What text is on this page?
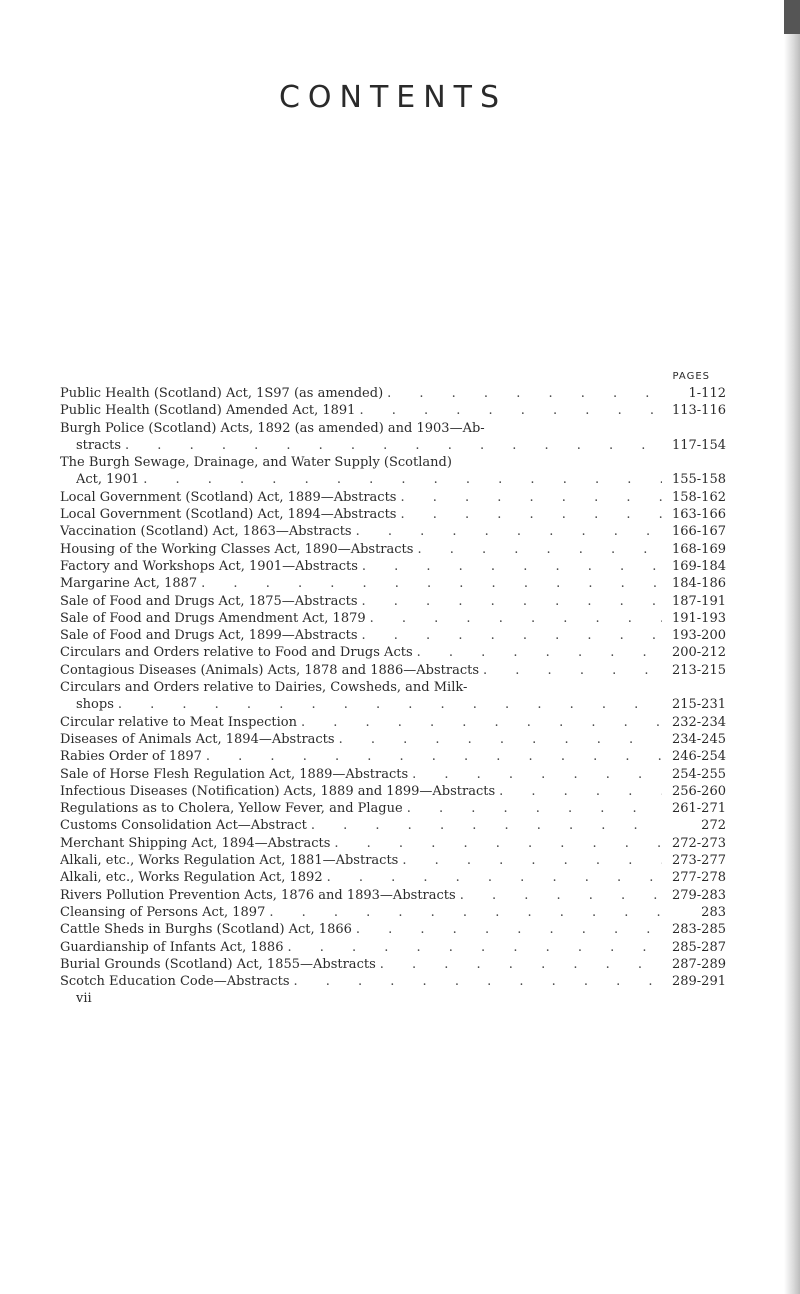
CONTENTS
PAGES
Public Health (Scotland) Act, 1S97 (as amended) . . .	1-112
Public Health (Scotland) Amended Act, 1891 . . .	113-116
Burgh Police (Scotland) Acts, 1892 (as amended) and 1903—Ab-
stracts . . .	117-154
The Burgh Sewage, Drainage, and Water Supply (Scotland)
Act, 1901 . . .	155-158
Local Government (Scotland) Act, 1889—Abstracts . . .	158-162
Local Government (Scotland) Act, 1894—Abstracts . . .	163-166
Vaccination (Scotland) Act, 1863—Abstracts . . .	166-167
Housing of the Working Classes Act, 1890—Abstracts . . .	168-169
Factory and Workshops Act, 1901—Abstracts . . .	169-184
Margarine Act, 1887 . . .	184-186
Sale of Food and Drugs Act, 1875—Abstracts . . .	187-191
Sale of Food and Drugs Amendment Act, 1879 . . .	191-193
Sale of Food and Drugs Act, 1899—Abstracts . . .	193-200
Circulars and Orders relative to Food and Drugs Acts . . .	200-212
Contagious Diseases (Animals) Acts, 1878 and 1886—Abstracts . . .	213-215
Circulars and Orders relative to Dairies, Cowsheds, and Milk-
shops . . .	215-231
Circular relative to Meat Inspection . . .	232-234
Diseases of Animals Act, 1894—Abstracts . . .	234-245
Rabies Order of 1897 . . .	246-254
Sale of Horse Flesh Regulation Act, 1889—Abstracts . . .	254-255
Infectious Diseases (Notification) Acts, 1889 and 1899—Abstracts . . .	256-260
Regulations as to Cholera, Yellow Fever, and Plague . . .	261-271
Customs Consolidation Act—Abstract . . .	272
Merchant Shipping Act, 1894—Abstracts . . .	272-273
Alkali, etc., Works Regulation Act, 1881—Abstracts . . .	273-277
Alkali, etc., Works Regulation Act, 1892 . . .	277-278
Rivers Pollution Prevention Acts, 1876 and 1893—Abstracts . . .	279-283
Cleansing of Persons Act, 1897 . . .	283
Cattle Sheds in Burghs (Scotland) Act, 1866 . . .	283-285
Guardianship of Infants Act, 1886 . . .	285-287
Burial Grounds (Scotland) Act, 1855—Abstracts . . .	287-289
Scotch Education Code—Abstracts . . .	289-291
vii
